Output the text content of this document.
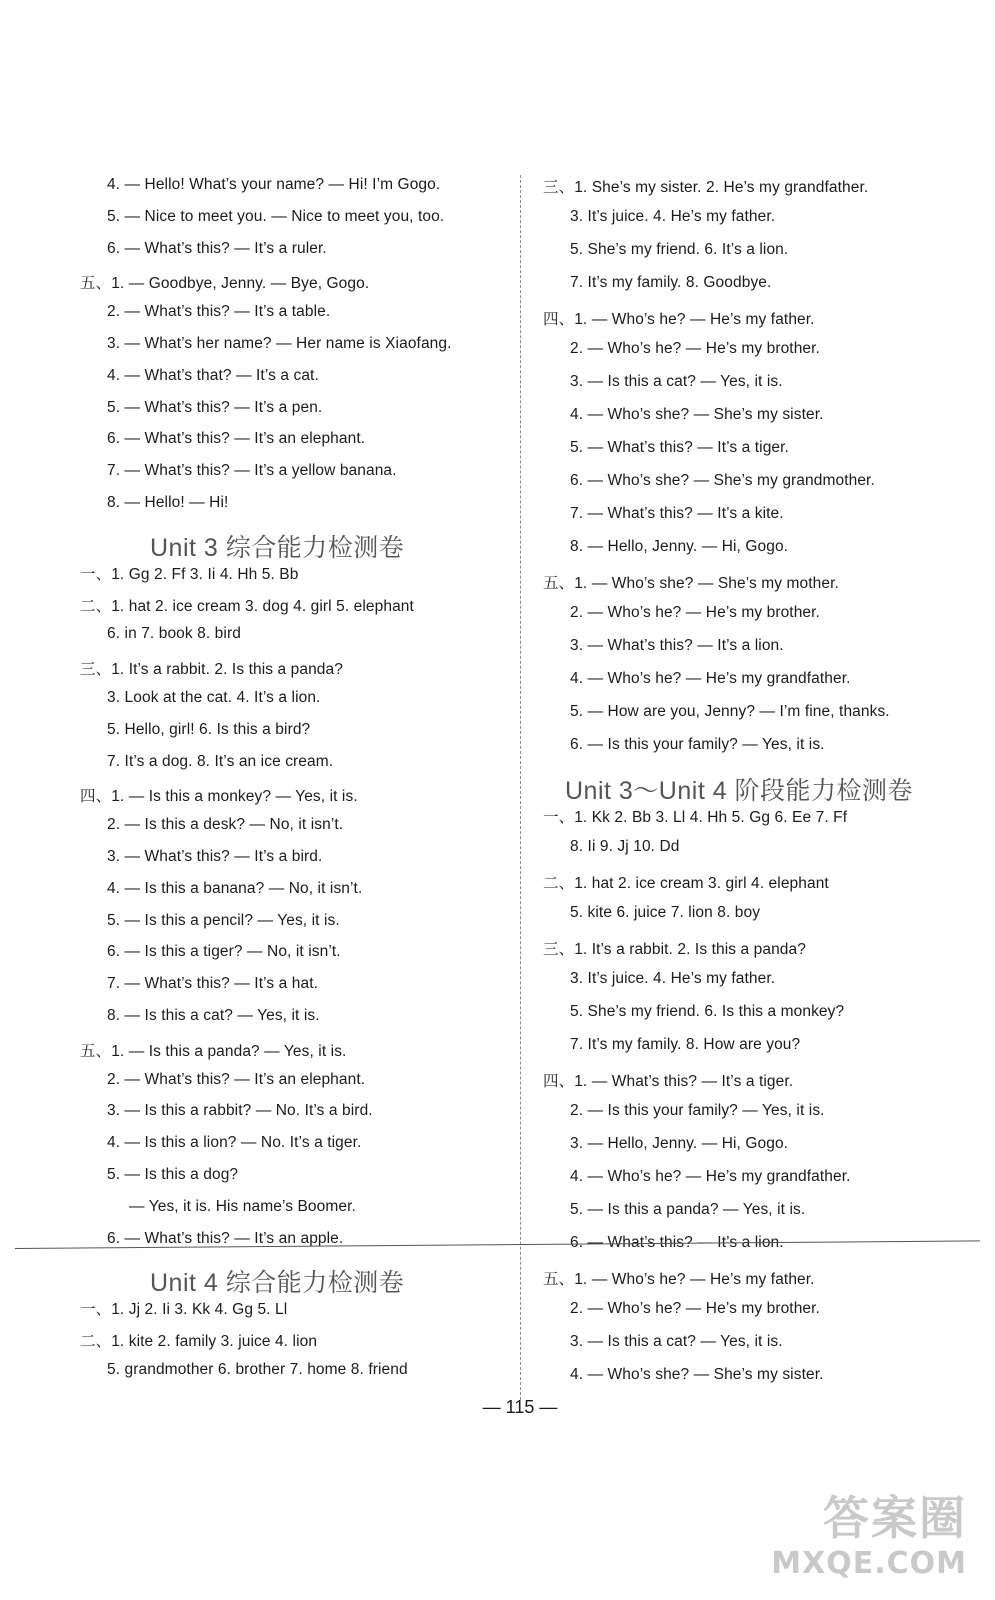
4. — Hello! What’s your name? — Hi! I’m Gogo.
5. — Nice to meet you. — Nice to meet you, too.
6. — What’s this? — It’s a ruler.
五、1. — Goodbye, Jenny. — Bye, Gogo.
2. — What’s this? — It’s a table.
3. — What’s her name? — Her name is Xiaofang.
4. — What’s that? — It’s a cat.
5. — What’s this? — It’s a pen.
6. — What’s this? — It’s an elephant.
7. — What’s this? — It’s a yellow banana.
8. — Hello! — Hi!
Unit 3 综合能力检测卷
一、1. Gg 2. Ff 3. Ii 4. Hh 5. Bb
二、1. hat 2. ice cream 3. dog 4. girl 5. elephant
6. in 7. book 8. bird
三、1. It’s a rabbit. 2. Is this a panda?
3. Look at the cat. 4. It’s a lion.
5. Hello, girl! 6. Is this a bird?
7. It’s a dog. 8. It’s an ice cream.
四、1. — Is this a monkey? — Yes, it is.
2. — Is this a desk? — No, it isn’t.
3. — What’s this? — It’s a bird.
4. — Is this a banana? — No, it isn’t.
5. — Is this a pencil? — Yes, it is.
6. — Is this a tiger? — No, it isn’t.
7. — What’s this? — It’s a hat.
8. — Is this a cat? — Yes, it is.
五、1. — Is this a panda? — Yes, it is.
2. — What’s this? — It’s an elephant.
3. — Is this a rabbit? — No. It’s a bird.
4. — Is this a lion? — No. It’s a tiger.
5. — Is this a dog?
— Yes, it is. His name’s Boomer.
6. — What’s this? — It’s an apple.
Unit 4 综合能力检测卷
一、1. Jj 2. Ii 3. Kk 4. Gg 5. Ll
二、1. kite 2. family 3. juice 4. lion
5. grandmother 6. brother 7. home 8. friend
三、1. She’s my sister. 2. He’s my grandfather.
3. It’s juice. 4. He’s my father.
5. She’s my friend. 6. It’s a lion.
7. It’s my family. 8. Goodbye.
四、1. — Who’s he? — He’s my father.
2. — Who’s he? — He’s my brother.
3. — Is this a cat? — Yes, it is.
4. — Who’s she? — She’s my sister.
5. — What’s this? — It’s a tiger.
6. — Who’s she? — She’s my grandmother.
7. — What’s this? — It’s a kite.
8. — Hello, Jenny. — Hi, Gogo.
五、1. — Who’s she? — She’s my mother.
2. — Who’s he? — He’s my brother.
3. — What’s this? — It’s a lion.
4. — Who’s he? — He’s my grandfather.
5. — How are you, Jenny? — I’m fine, thanks.
6. — Is this your family? — Yes, it is.
Unit 3～Unit 4 阶段能力检测卷
一、1. Kk 2. Bb 3. Ll 4. Hh 5. Gg 6. Ee 7. Ff
8. Ii 9. Jj 10. Dd
二、1. hat 2. ice cream 3. girl 4. elephant
5. kite 6. juice 7. lion 8. boy
三、1. It’s a rabbit. 2. Is this a panda?
3. It’s juice. 4. He’s my father.
5. She’s my friend. 6. Is this a monkey?
7. It’s my family. 8. How are you?
四、1. — What’s this? — It’s a tiger.
2. — Is this your family? — Yes, it is.
3. — Hello, Jenny. — Hi, Gogo.
4. — Who’s he? — He’s my grandfather.
5. — Is this a panda? — Yes, it is.
6. — What’s this? — It’s a lion.
五、1. — Who’s he? — He’s my father.
2. — Who’s he? — He’s my brother.
3. — Is this a cat? — Yes, it is.
4. — Who’s she? — She’s my sister.
— 115 —
答案圈
MXQE.COM
